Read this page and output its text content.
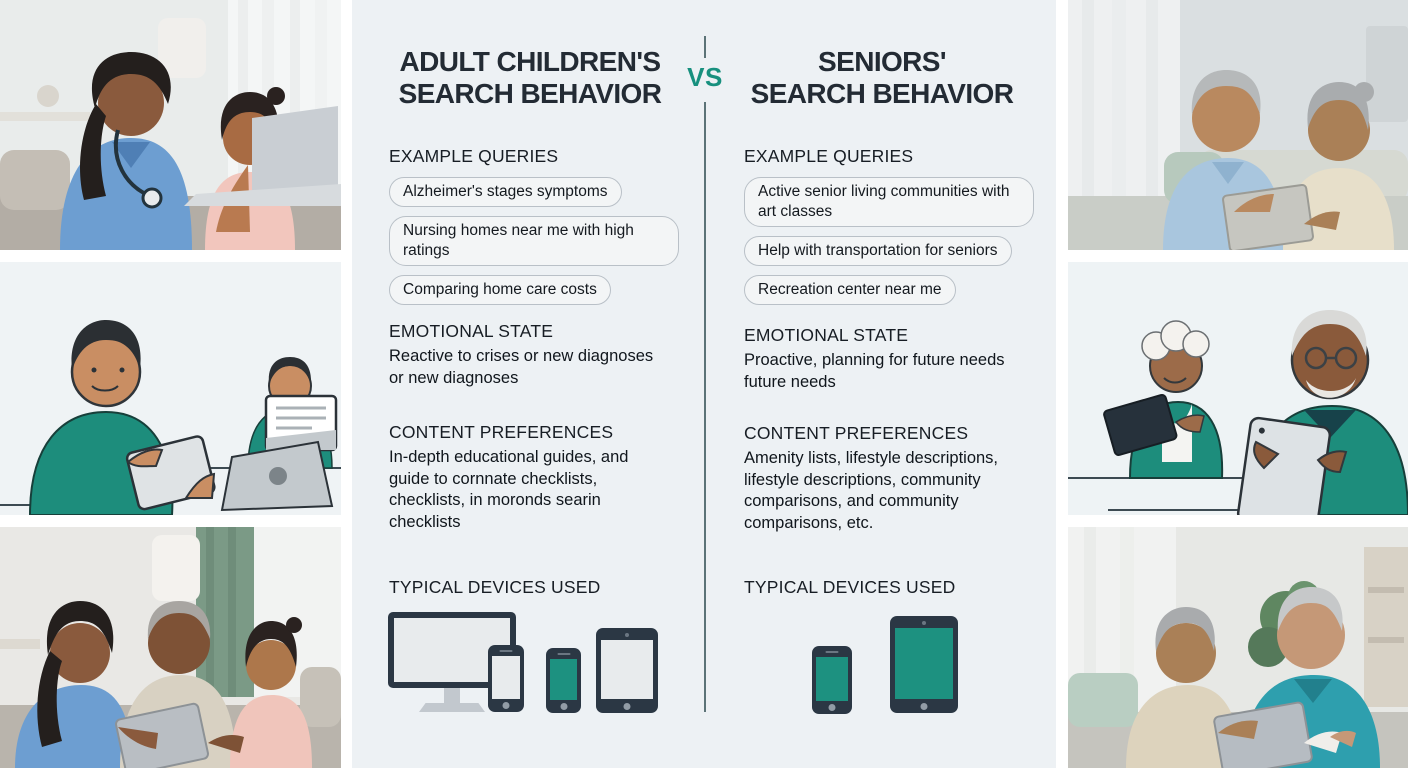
ADULT CHILDREN'S
SEARCH BEHAVIOR
VS	SENIORS'
SEARCH BEHAVIOR
EXAMPLE QUERIES
Alzheimer's stages symptoms
Nursing homes near me with high ratings
Comparing home care costs
EMOTIONAL STATE
Reactive to crises or new diagnoses or new diagnoses
CONTENT PREFERENCES
In-depth educational guides, and guide to cornnate checklists, checklists, in moronds searin checklists
TYPICAL DEVICES USED
EXAMPLE QUERIES
Active senior living communities with art classes
Help with transportation for seniors
Recreation center near me
EMOTIONAL STATE
Proactive, planning for future needs future needs
CONTENT PREFERENCES
Amenity lists, lifestyle descriptions, lifestyle descriptions, community comparisons, and community comparisons, etc.
TYPICAL DEVICES USED
